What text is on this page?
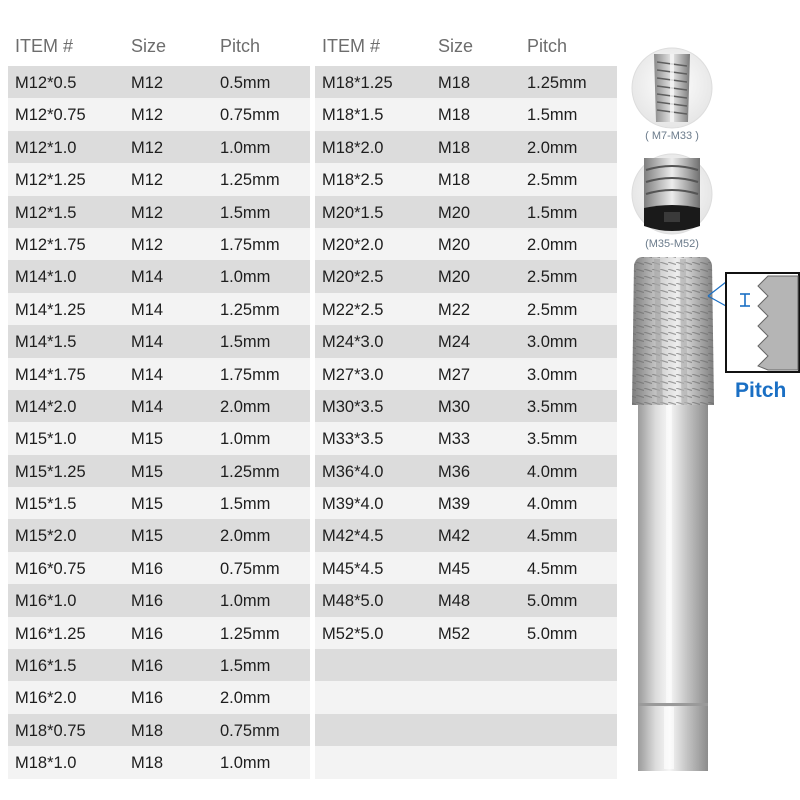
ITEM #	Size	Pitch	ITEM #	Size	Pitch
M12*0.5	M12	0.5mm
M12*0.75	M12	0.75mm
M12*1.0	M12	1.0mm
M12*1.25	M12	1.25mm
M12*1.5	M12	1.5mm
M12*1.75	M12	1.75mm
M14*1.0	M14	1.0mm
M14*1.25	M14	1.25mm
M14*1.5	M14	1.5mm
M14*1.75	M14	1.75mm
M14*2.0	M14	2.0mm
M15*1.0	M15	1.0mm
M15*1.25	M15	1.25mm
M15*1.5	M15	1.5mm
M15*2.0	M15	2.0mm
M16*0.75	M16	0.75mm
M16*1.0	M16	1.0mm
M16*1.25	M16	1.25mm
M16*1.5	M16	1.5mm
M16*2.0	M16	2.0mm
M18*0.75	M18	0.75mm
M18*1.0	M18	1.0mm
M18*1.25	M18	1.25mm
M18*1.5	M18	1.5mm
M18*2.0	M18	2.0mm
M18*2.5	M18	2.5mm
M20*1.5	M20	1.5mm
M20*2.0	M20	2.0mm
M20*2.5	M20	2.5mm
M22*2.5	M22	2.5mm
M24*3.0	M24	3.0mm
M27*3.0	M27	3.0mm
M30*3.5	M30	3.5mm
M33*3.5	M33	3.5mm
M36*4.0	M36	4.0mm
M39*4.0	M39	4.0mm
M42*4.5	M42	4.5mm
M45*4.5	M45	4.5mm
M48*5.0	M48	5.0mm
M52*5.0	M52	5.0mm
( M7-M33 )
(M35-M52)
Pitch
